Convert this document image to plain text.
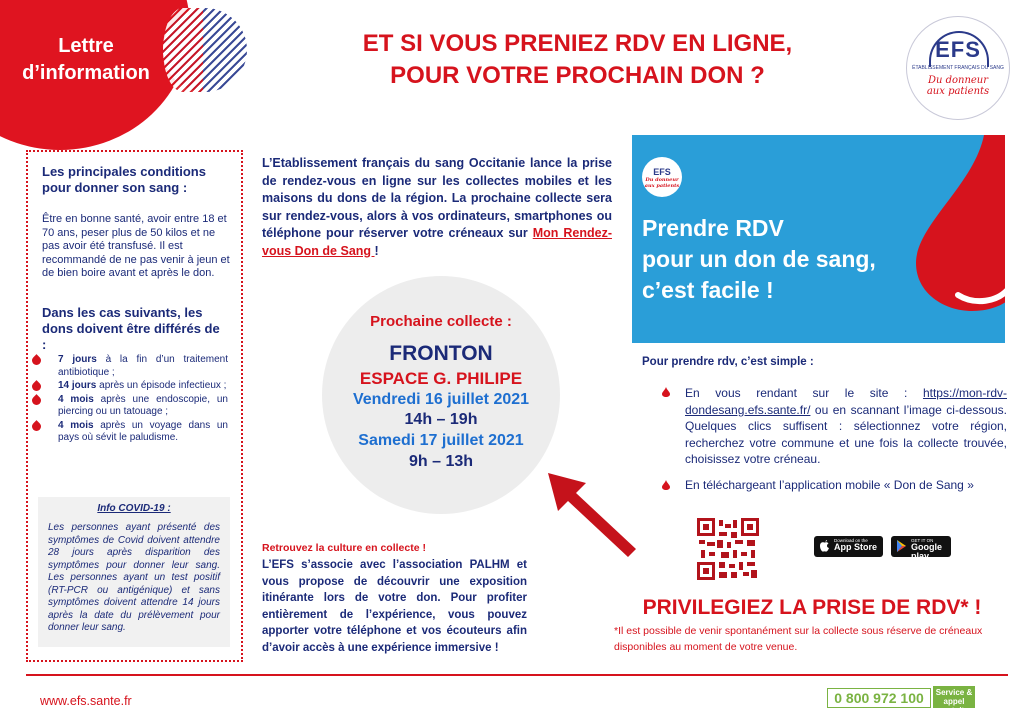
Lettre
d’information
ET SI VOUS PRENIEZ RDV EN LIGNE,
POUR VOTRE PROCHAIN DON ?
EFS
ÉTABLISSEMENT FRANÇAIS DU SANG
Du donneur
aux patients
Les principales conditions pour donner son sang :
Être en bonne santé, avoir entre 18 et 70 ans, peser plus de 50 kilos et ne pas avoir été transfusé. Il est recommandé de ne pas venir à jeun et de bien boire avant et après le don.
Dans les cas suivants, les dons doivent être différés de :
7 jours à la fin d’un traitement antibiotique ;
14 jours après un épisode infectieux ;
4 mois après une endoscopie, un piercing ou un tatouage ;
4 mois après un voyage dans un pays où sévit le paludisme.
Info COVID-19 :
Les personnes ayant présenté des symptômes de Covid doivent attendre 28 jours après disparition des symptômes pour donner leur sang. Les personnes ayant un test positif (RT-PCR ou antigénique) et sans symptômes doivent attendre 14 jours après la date du prélèvement pour donner leur sang.
L’Etablissement français du sang Occitanie lance la prise de rendez-vous en ligne sur les collectes mobiles et les maisons du dons de la région. La prochaine collecte sera sur rendez-vous, alors à vos ordinateurs, smartphones ou téléphone pour réserver votre créneaux sur Mon Rendez-vous Don de Sang !
Prochaine collecte :
FRONTON
ESPACE G. PHILIPE
Vendredi 16 juillet 2021
14h – 19h
Samedi 17 juillet 2021
9h – 13h
Retrouvez la culture en collecte !
L’EFS s’associe avec l’association PALHM et vous propose de découvrir une exposition itinérante lors de votre don. Pour profiter entièrement de l’expérience, vous pouvez apporter votre téléphone et vos écouteurs afin d’avoir accès à une expérience immersive !
EFS
Du donneur aux patients
Prendre RDV
pour un don de sang,
c’est facile !
Pour prendre rdv, c’est simple :
En vous rendant sur le site : https://mon-rdv-dondesang.efs.sante.fr/ ou en scannant l’image ci-dessous. Quelques clics suffisent : sélectionnez votre région, recherchez votre commune et une fois la collecte trouvée, choisissez votre créneau.
En téléchargeant l’application mobile « Don de Sang »
Download on the
App Store
GET IT ON
Google play
PRIVILEGIEZ LA PRISE DE RDV* !
*Il est possible de venir spontanément sur la collecte sous réserve de créneaux disponibles au moment de votre venue.
www.efs.sante.fr	0 800 972 100	Service & appel
gratuits
